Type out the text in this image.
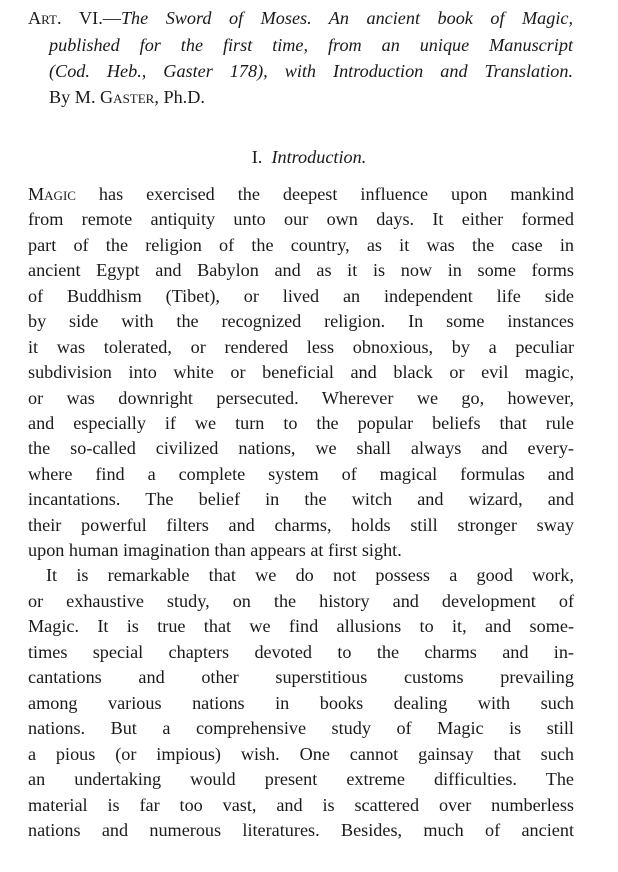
Art. VI.—The Sword of Moses. An ancient book of Magic,
published for the first time, from an unique Manuscript
(Cod. Heb., Gaster 178), with Introduction and Translation.
By M. Gaster, Ph.D.
I. Introduction.
Magic has exercised the deepest influence upon mankind
from remote antiquity unto our own days. It either formed
part of the religion of the country, as it was the case in
ancient Egypt and Babylon and as it is now in some forms
of Buddhism (Tibet), or lived an independent life side
by side with the recognized religion. In some instances
it was tolerated, or rendered less obnoxious, by a peculiar
subdivision into white or beneficial and black or evil magic,
or was downright persecuted. Wherever we go, however,
and especially if we turn to the popular beliefs that rule
the so-called civilized nations, we shall always and every-
where find a complete system of magical formulas and
incantations. The belief in the witch and wizard, and
their powerful filters and charms, holds still stronger sway
upon human imagination than appears at first sight.
It is remarkable that we do not possess a good work,
or exhaustive study, on the history and development of
Magic. It is true that we find allusions to it, and some-
times special chapters devoted to the charms and in-
cantations and other superstitious customs prevailing
among various nations in books dealing with such
nations. But a comprehensive study of Magic is still
a pious (or impious) wish. One cannot gainsay that such
an undertaking would present extreme difficulties. The
material is far too vast, and is scattered over numberless
nations and numerous literatures. Besides, much of ancient
